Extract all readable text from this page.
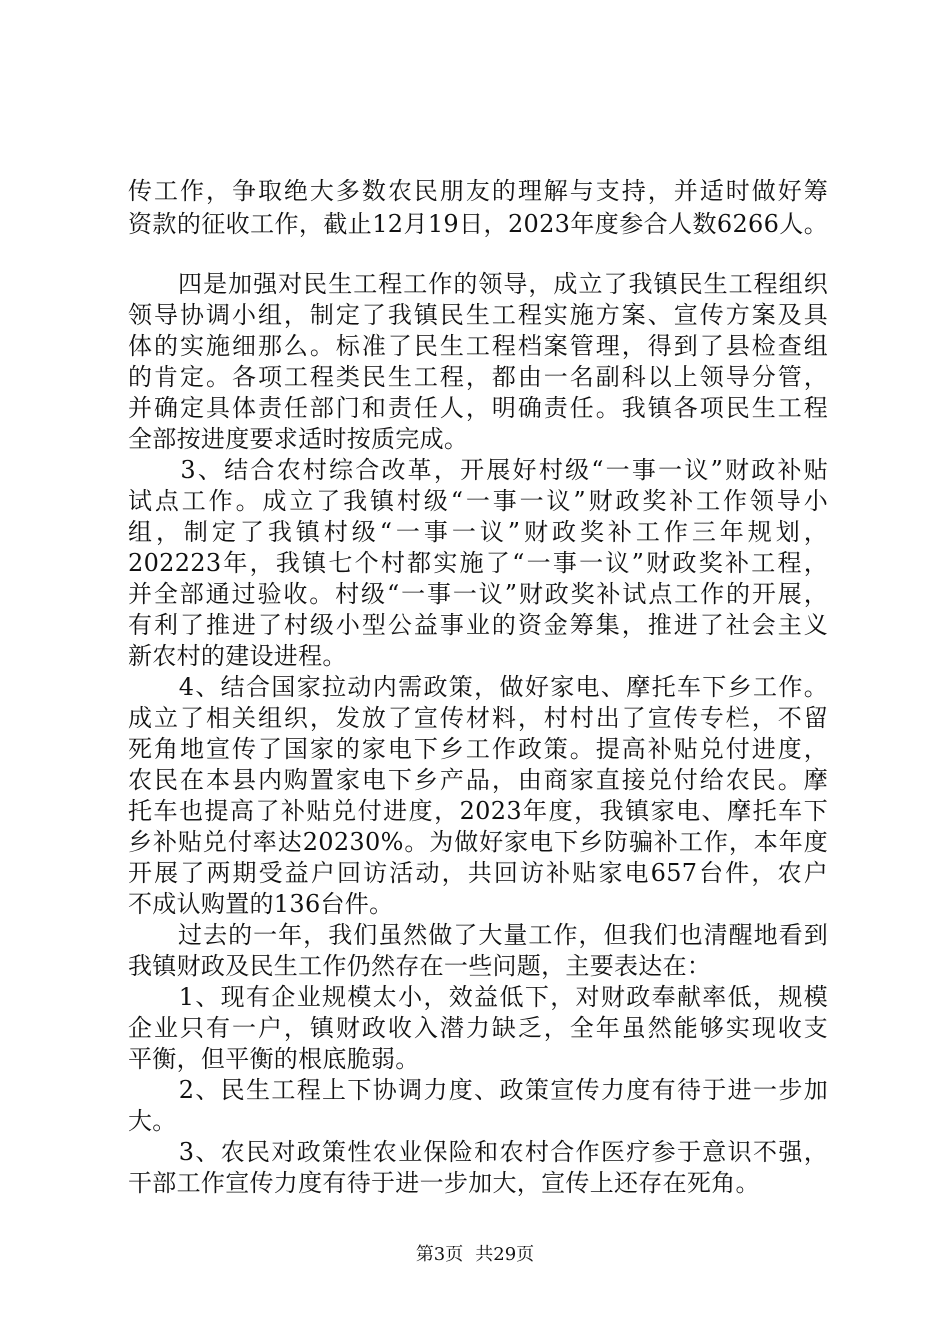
传工作，争取绝大多数农民朋友的理解与支持，并适时做好筹
资款的征收工作，截止12月19日，2023年度参合人数6266人。
　　四是加强对民生工程工作的领导，成立了我镇民生工程组织
领导协调小组，制定了我镇民生工程实施方案、宣传方案及具
体的实施细那么。标准了民生工程档案管理，得到了县检查组
的肯定。各项工程类民生工程，都由一名副科以上领导分管，
并确定具体责任部门和责任人，明确责任。我镇各项民生工程
全部按进度要求适时按质完成。
　　3、结合农村综合改革，开展好村级“一事一议”财政补贴
试点工作。成立了我镇村级“一事一议”财政奖补工作领导小
组，制定了我镇村级“一事一议”财政奖补工作三年规划，
202223年，我镇七个村都实施了“一事一议”财政奖补工程，
并全部通过验收。村级“一事一议”财政奖补试点工作的开展，
有利了推进了村级小型公益事业的资金筹集，推进了社会主义
新农村的建设进程。
　　4、结合国家拉动内需政策，做好家电、摩托车下乡工作。
成立了相关组织，发放了宣传材料，村村出了宣传专栏，不留
死角地宣传了国家的家电下乡工作政策。提高补贴兑付进度，
农民在本县内购置家电下乡产品，由商家直接兑付给农民。摩
托车也提高了补贴兑付进度，2023年度，我镇家电、摩托车下
乡补贴兑付率达20230%。为做好家电下乡防骗补工作，本年度
开展了两期受益户回访活动，共回访补贴家电657台件，农户
不成认购置的136台件。
　　过去的一年，我们虽然做了大量工作，但我们也清醒地看到
我镇财政及民生工作仍然存在一些问题，主要表达在：
　　1、现有企业规模太小，效益低下，对财政奉献率低，规模
企业只有一户，镇财政收入潜力缺乏，全年虽然能够实现收支
平衡，但平衡的根底脆弱。
　　2、民生工程上下协调力度、政策宣传力度有待于进一步加
大。
　　3、农民对政策性农业保险和农村合作医疗参于意识不强，
干部工作宣传力度有待于进一步加大，宣传上还存在死角。
第3页 共29页
